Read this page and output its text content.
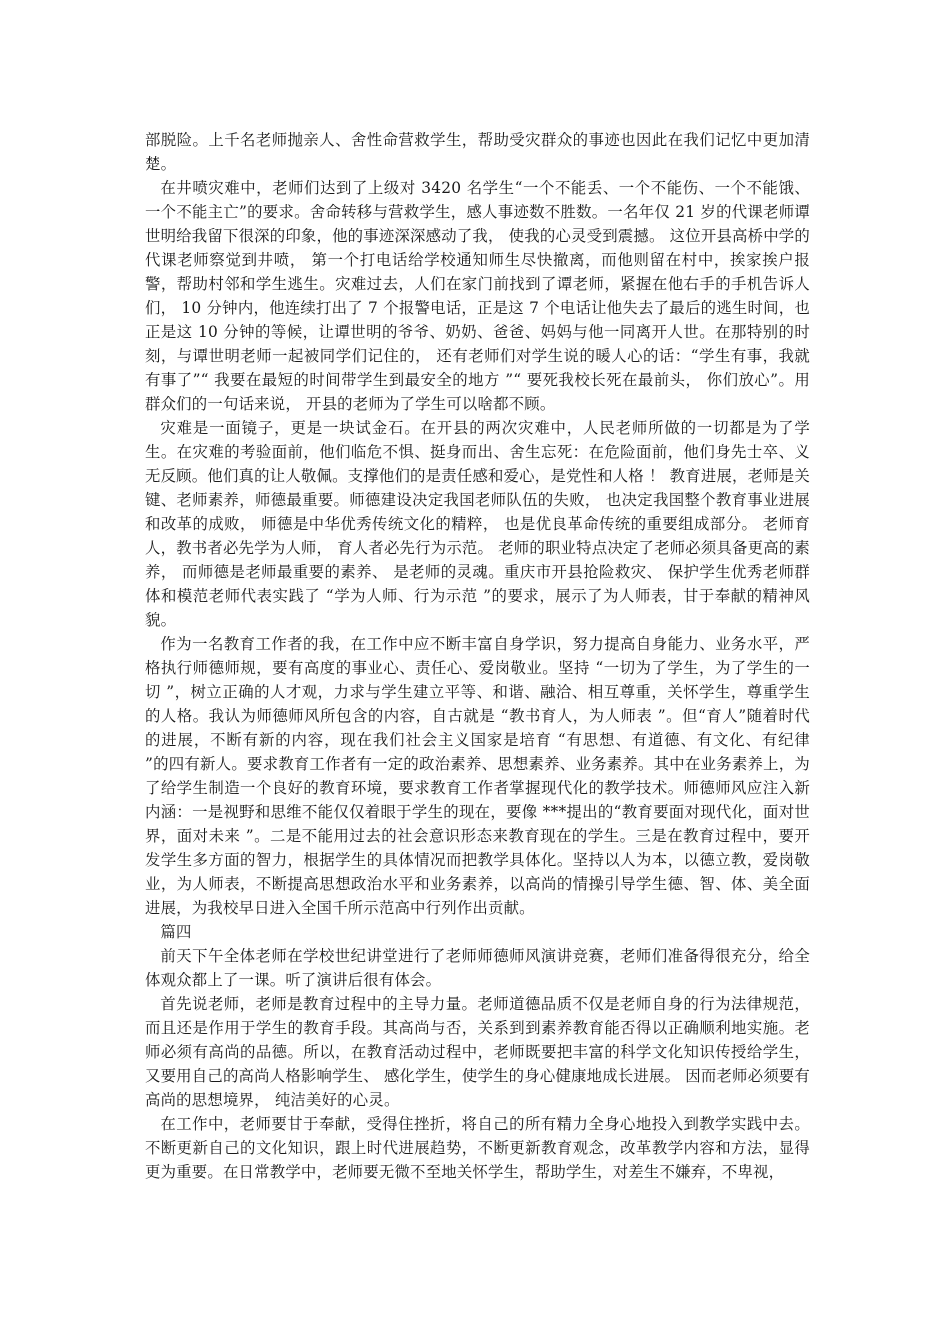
部脱险。上千名老师抛亲人、舍性命营救学生，帮助受灾群众的事迹也因此在我们记忆中更加清楚。

在井喷灾难中，老师们达到了上级对 3420 名学生“一个不能丢、一个不能伤、一个不能饿、一个不能主亡”的要求。舍命转移与营救学生，感人事迹数不胜数。一名年仅 21 岁的代课老师谭世明给我留下很深的印象，他的事迹深深感动了我， 使我的心灵受到震撼。 这位开县高桥中学的代课老师察觉到井喷， 第一个打电话给学校通知师生尽快撤离，而他则留在村中，挨家挨户报警，帮助村邻和学生逃生。灾难过去，人们在家门前找到了谭老师，紧握在他右手的手机告诉人们， 10 分钟内，他连续打出了 7 个报警电话，正是这 7 个电话让他失去了最后的逃生时间，也正是这 10 分钟的等候，让谭世明的爷爷、奶奶、爸爸、妈妈与他一同离开人世。在那特别的时刻，与谭世明老师一起被同学们记住的， 还有老师们对学生说的暖人心的话：“学生有事，我就有事了”“ 我要在最短的时间带学生到最安全的地方 ”“ 要死我校长死在最前头， 你们放心”。用群众们的一句话来说， 开县的老师为了学生可以啥都不顾。

灾难是一面镜子，更是一块试金石。在开县的两次灾难中，人民老师所做的一切都是为了学生。在灾难的考验面前，他们临危不惧、挺身而出、舍生忘死：在危险面前，他们身先士卒、义无反顾。他们真的让人敬佩。支撑他们的是责任感和爱心，是党性和人格 ！ 教育进展，老师是关键、老师素养，师德最重要。师德建设决定我国老师队伍的失败， 也决定我国整个教育事业进展和改革的成败， 师德是中华优秀传统文化的精粹， 也是优良革命传统的重要组成部分。 老师育人，教书者必先学为人师， 育人者必先行为示范。 老师的职业特点决定了老师必须具备更高的素养， 而师德是老师最重要的素养、 是老师的灵魂。重庆市开县抢险救灾、 保护学生优秀老师群体和模范老师代表实践了 “学为人师、行为示范 ”的要求，展示了为人师表，甘于奉献的精神风貌。

作为一名教育工作者的我，在工作中应不断丰富自身学识，努力提高自身能力、业务水平，严格执行师德师规，要有高度的事业心、责任心、爱岗敬业。坚持 “一切为了学生，为了学生的一切 ”，树立正确的人才观，力求与学生建立平等、和谐、融洽、相互尊重，关怀学生，尊重学生的人格。我认为师德师风所包含的内容，自古就是 “教书育人，为人师表 ”。但“育人”随着时代的进展，不断有新的内容，现在我们社会主义国家是培育 “有思想、有道德、有文化、有纪律 ”的四有新人。要求教育工作者有一定的政治素养、思想素养、业务素养。其中在业务素养上，为了给学生制造一个良好的教育环境，要求教育工作者掌握现代化的教学技术。师德师风应注入新内涵：一是视野和思维不能仅仅着眼于学生的现在，要像 ***提出的“教育要面对现代化，面对世界，面对未来 ”。二是不能用过去的社会意识形态来教育现在的学生。三是在教育过程中，要开发学生多方面的智力，根据学生的具体情况而把教学具体化。坚持以人为本，以德立教，爱岗敬业，为人师表，不断提高思想政治水平和业务素养，以高尚的情操引导学生德、智、体、美全面进展，为我校早日进入全国千所示范高中行列作出贡献。

篇四

前天下午全体老师在学校世纪讲堂进行了老师师德师风演讲竞赛，老师们准备得很充分，给全体观众都上了一课。听了演讲后很有体会。

首先说老师，老师是教育过程中的主导力量。老师道德品质不仅是老师自身的行为法律规范，而且还是作用于学生的教育手段。其高尚与否，关系到到素养教育能否得以正确顺利地实施。老师必须有高尚的品德。所以，在教育活动过程中，老师既要把丰富的科学文化知识传授给学生，又要用自己的高尚人格影响学生、 感化学生，使学生的身心健康地成长进展。 因而老师必须要有高尚的思想境界， 纯洁美好的心灵。

在工作中，老师要甘于奉献，受得住挫折，将自己的所有精力全身心地投入到教学实践中去。不断更新自己的文化知识，跟上时代进展趋势，不断更新教育观念，改革教学内容和方法，显得更为重要。在日常教学中，老师要无微不至地关怀学生，帮助学生，对差生不嫌弃，不卑视，
